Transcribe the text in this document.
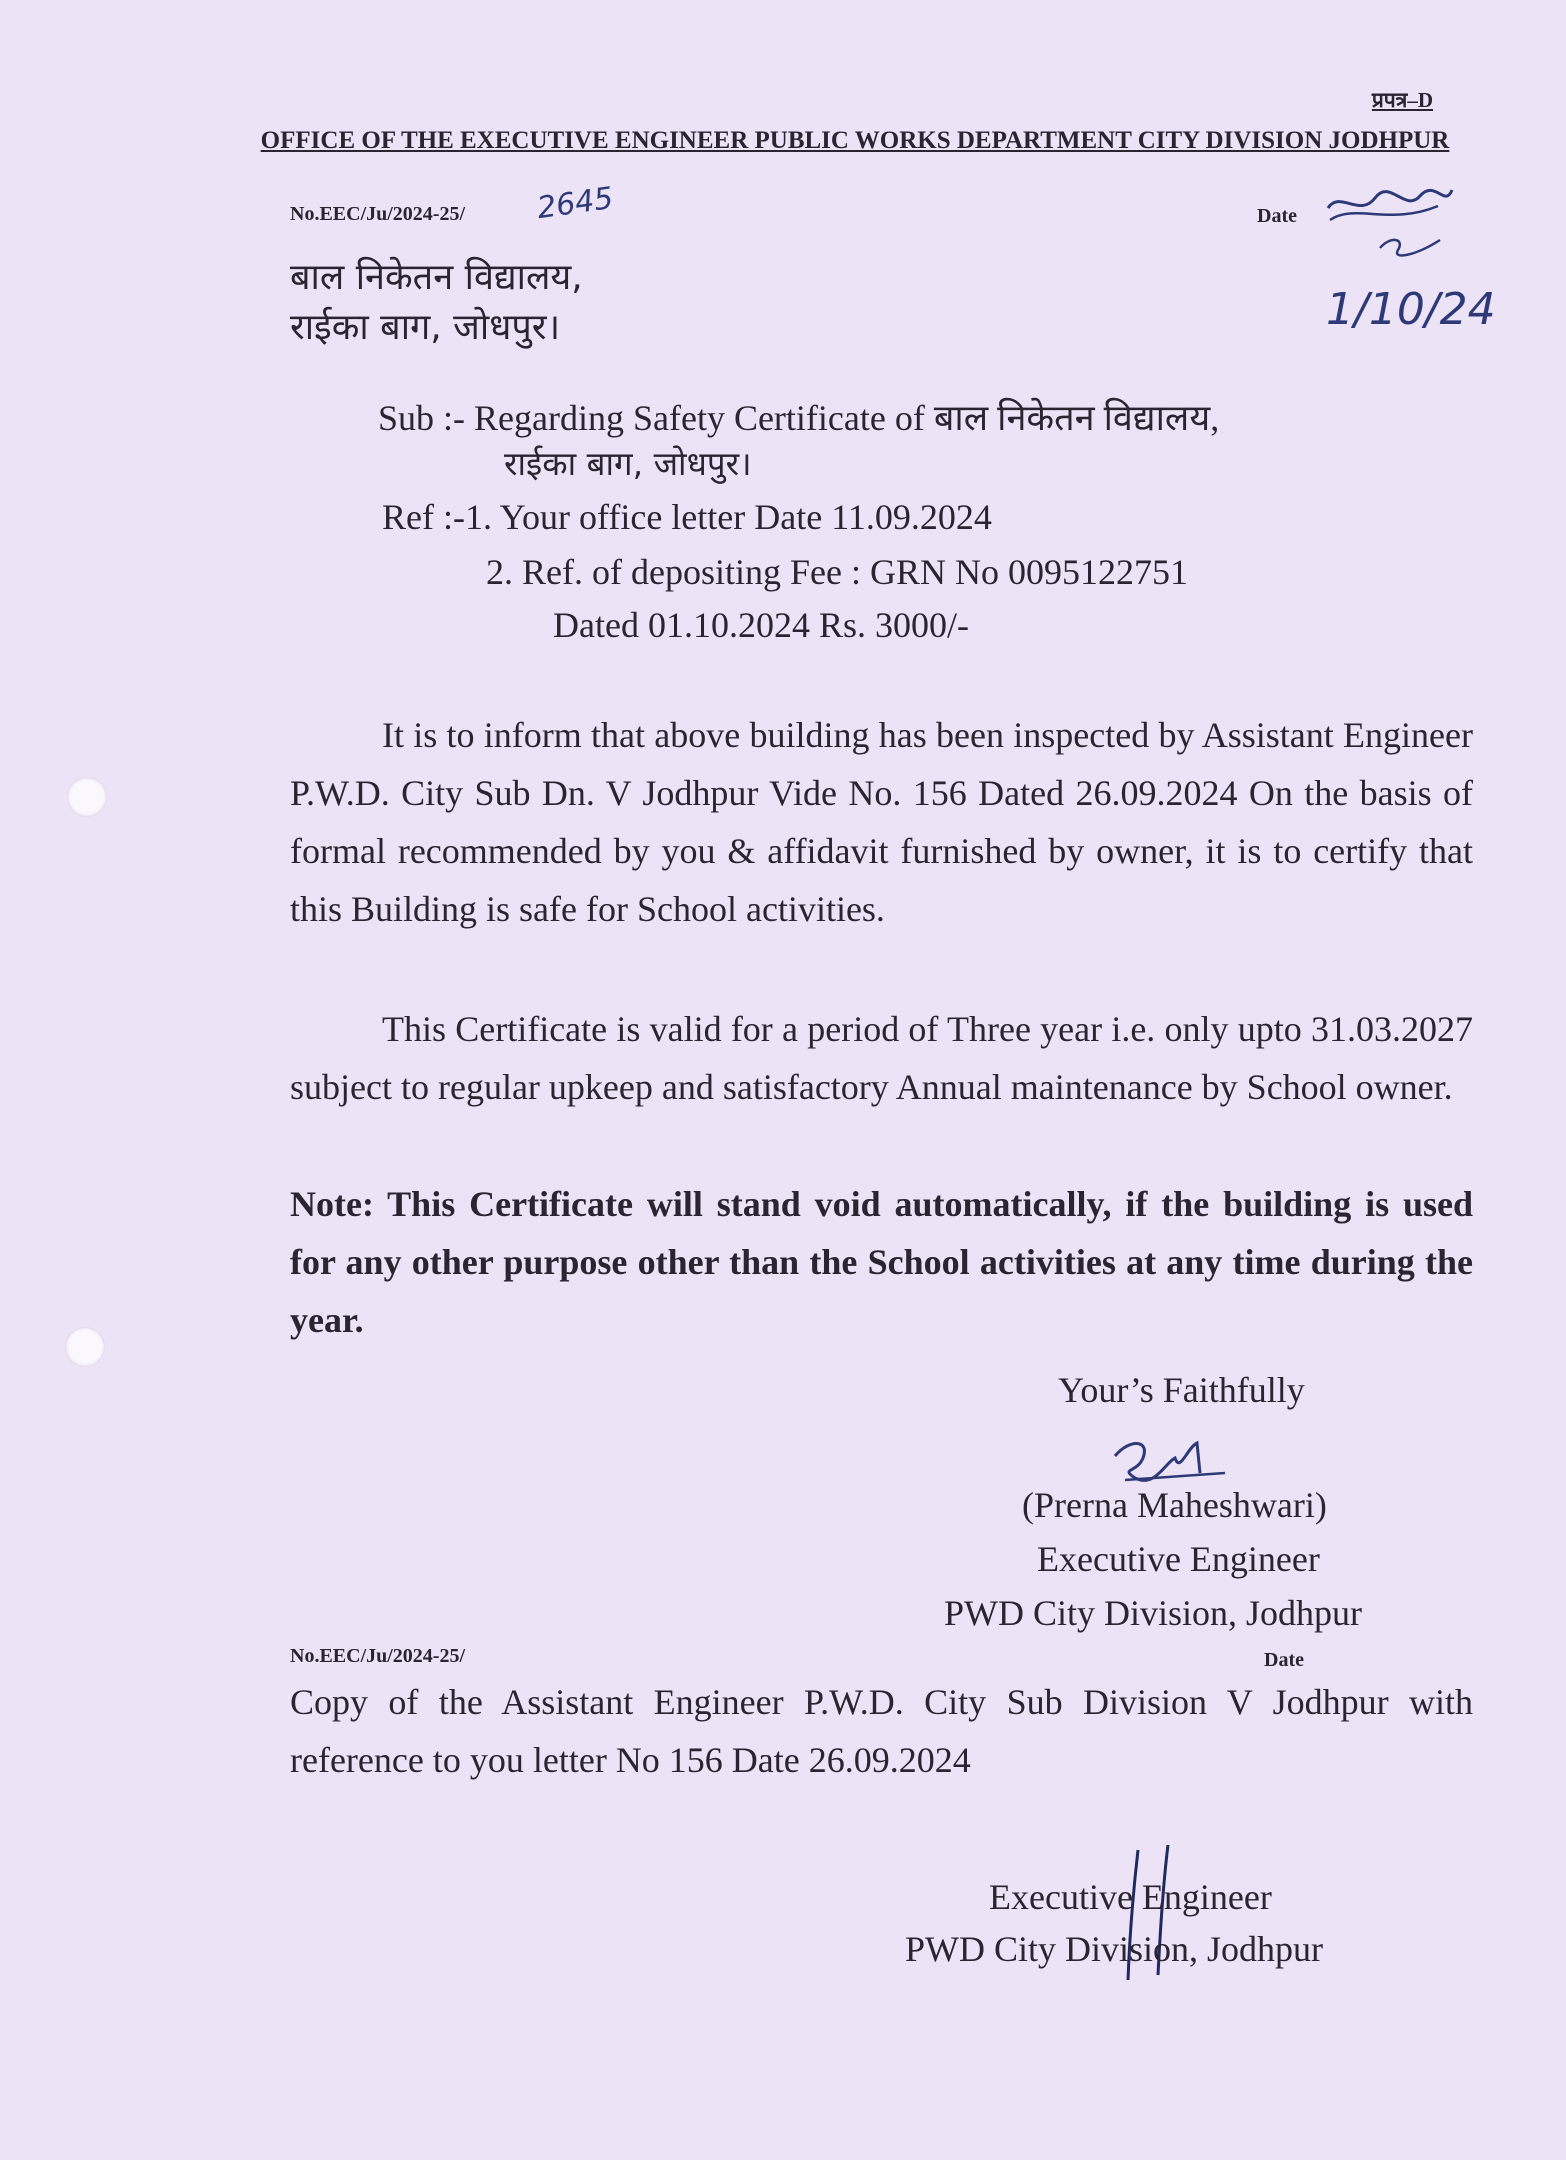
प्रपत्र–D
OFFICE OF THE EXECUTIVE ENGINEER PUBLIC WORKS DEPARTMENT CITY DIVISION JODHPUR
No.EEC/Ju/2024-25/ 2645	Date
1/10/24
बाल निकेतन विद्यालय,
राईका बाग, जोधपुर।
Sub :- Regarding Safety Certificate of बाल निकेतन विद्यालय,
राईका बाग, जोधपुर।
Ref :-1. Your office letter Date 11.09.2024
2. Ref. of depositing Fee : GRN No 0095122751
Dated 01.10.2024 Rs. 3000/-
It is to inform that above building has been inspected by Assistant Engineer P.W.D. City Sub Dn. V Jodhpur Vide No. 156 Dated 26.09.2024 On the basis of formal recommended by you & affidavit furnished by owner, it is to certify that this Building is safe for School activities.
This Certificate is valid for a period of Three year i.e. only upto 31.03.2027 subject to regular upkeep and satisfactory Annual maintenance by School owner.
Note: This Certificate will stand void automatically, if the building is used for any other purpose other than the School activities at any time during the year.
Your’s Faithfully
(Prerna Maheshwari)
Executive Engineer
PWD City Division, Jodhpur
No.EEC/Ju/2024-25/	Date
Copy of the Assistant Engineer P.W.D. City Sub Division V Jodhpur with reference to you letter No 156 Date 26.09.2024
Executive Engineer
PWD City Division, Jodhpur
